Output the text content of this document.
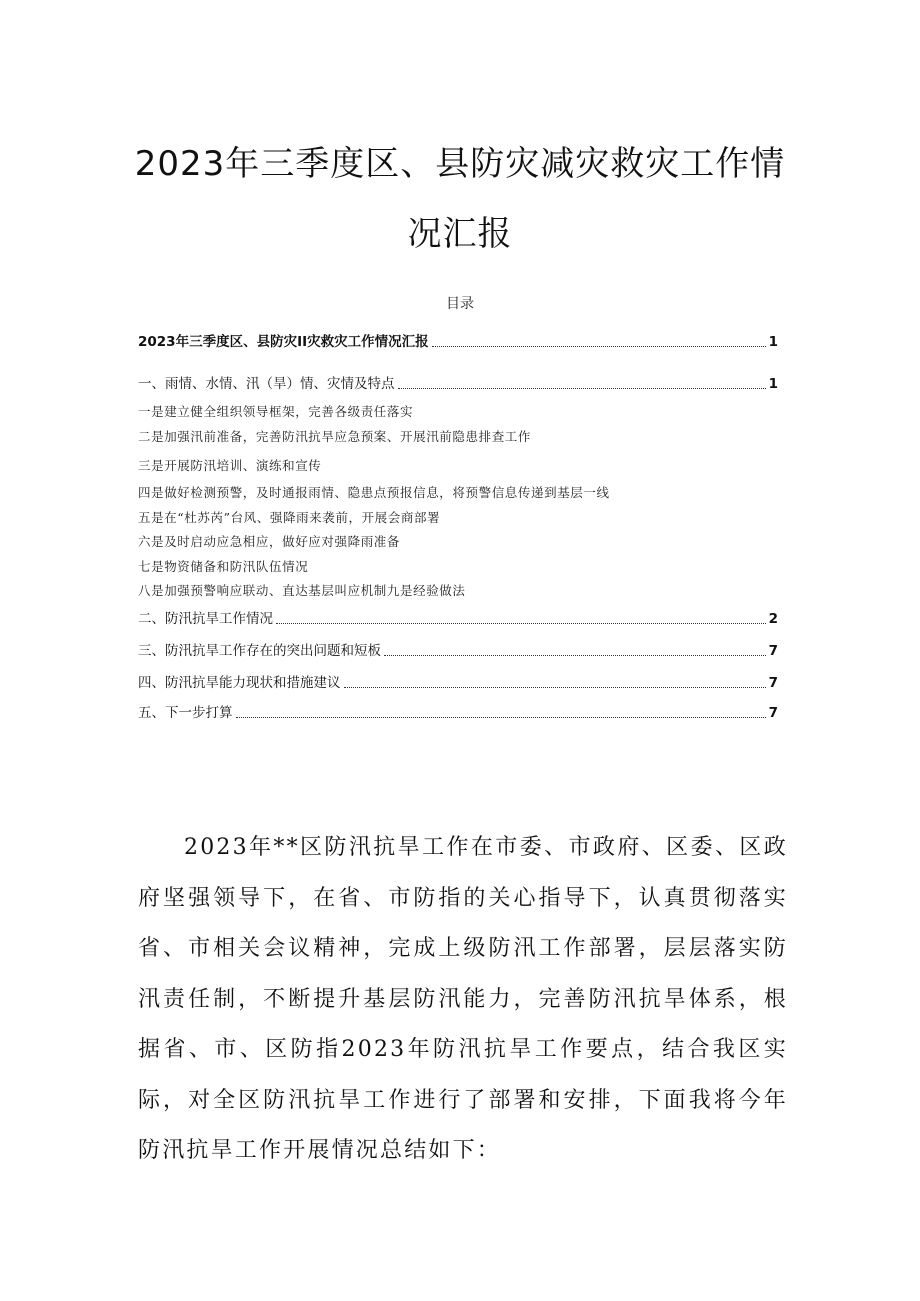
2023年三季度区、县防灾减灾救灾工作情
况汇报
目录
2023年三季度区、县防灾II灾救灾工作情况汇报	1
一、雨情、水情、汛（旱）情、灾情及特点	1
二、防汛抗旱工作情况	2
三、防汛抗旱工作存在的突出问题和短板	7
四、防汛抗旱能力现状和措施建议	7
五、下一步打算	7
一是建立健全组织领导框架，完善各级责任落实
二是加强汛前准备，完善防汛抗旱应急预案、开展汛前隐患排查工作
三是开展防汛培训、演练和宣传
四是做好检测预警，及时通报雨情、隐患点预报信息，将预警信息传递到基层一线
五是在“杜苏芮”台风、强降雨来袭前，开展会商部署
六是及时启动应急相应，做好应对强降雨准备
七是物资储备和防汛队伍情况
八是加强预警响应联动、直达基层叫应机制九是经验做法

2023年**区防汛抗旱工作在市委、市政府、区委、区政府坚强领导下，在省、市防指的关心指导下，认真贯彻落实省、市相关会议精神，完成上级防汛工作部署，层层落实防汛责任制，不断提升基层防汛能力，完善防汛抗旱体系，根据省、市、区防指2023年防汛抗旱工作要点，结合我区实际，对全区防汛抗旱工作进行了部署和安排，下面我将今年防汛抗旱工作开展情况总结如下：
